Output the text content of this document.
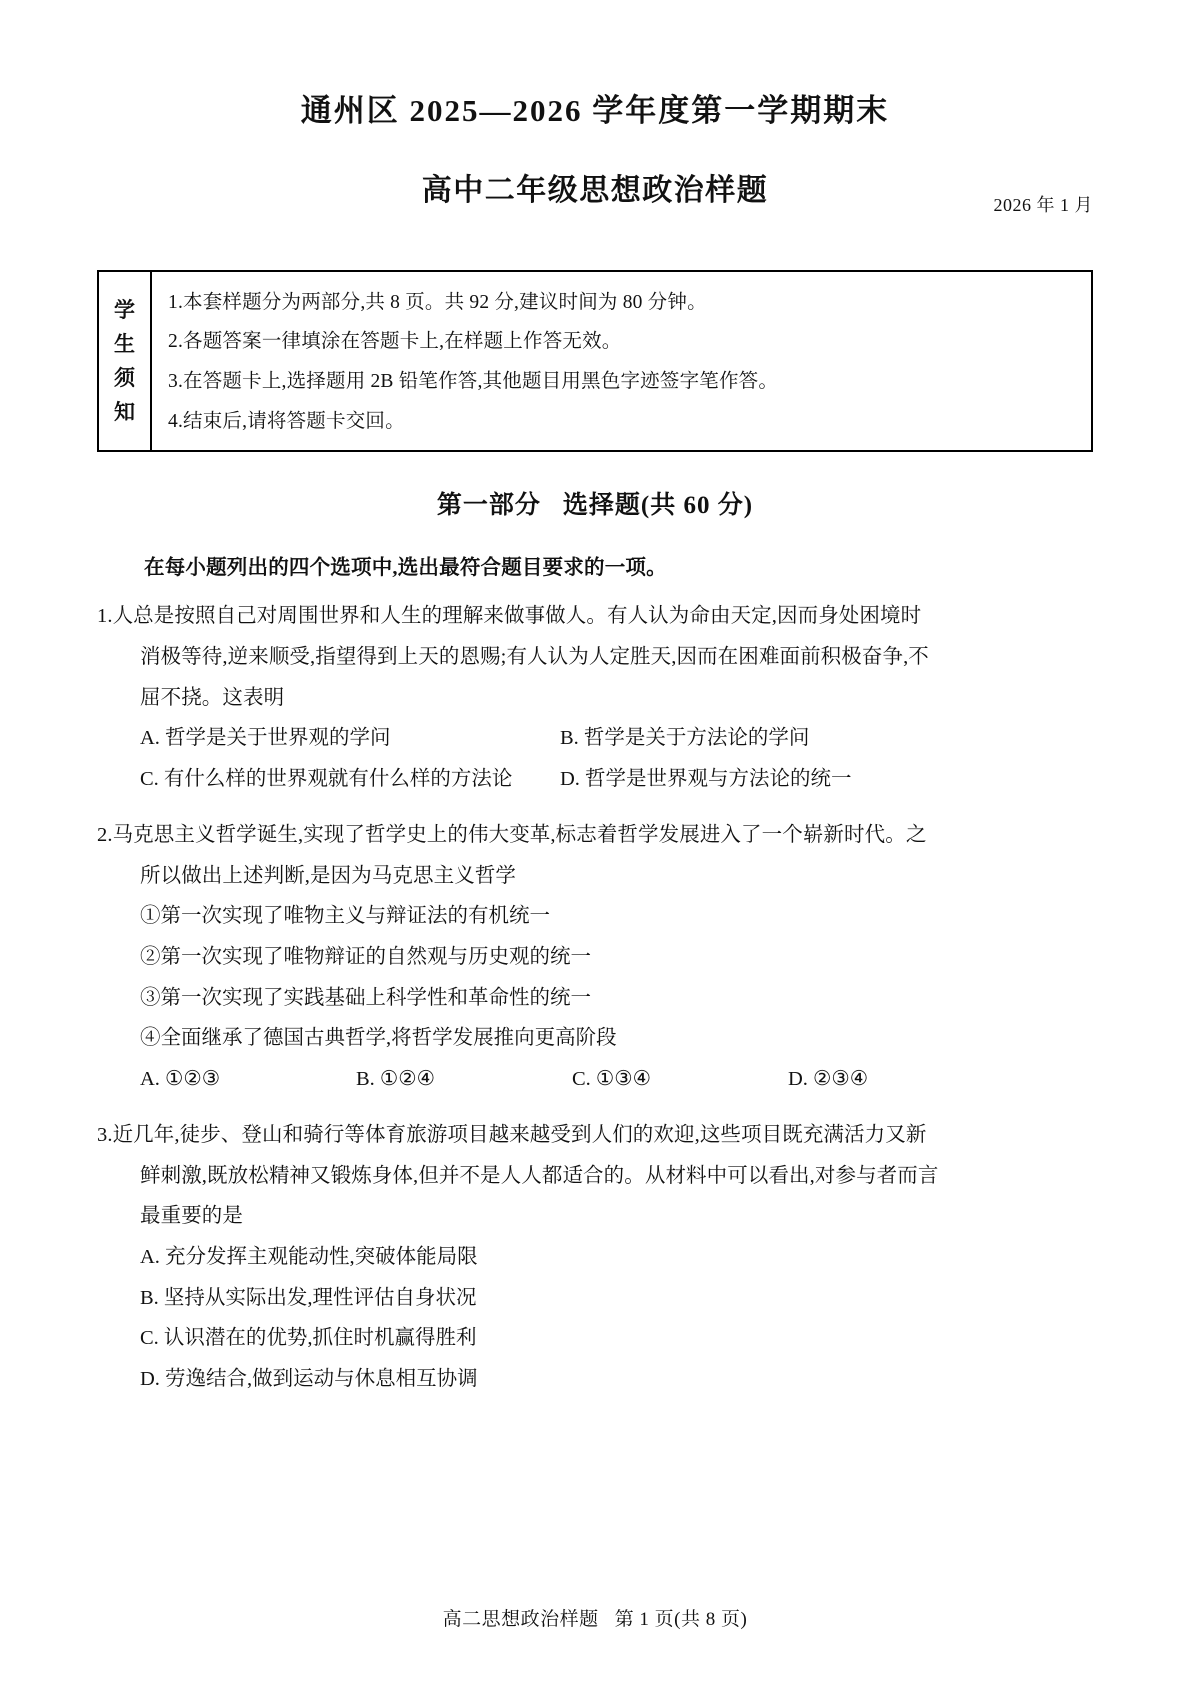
通州区 2025—2026 学年度第一学期期末
高中二年级思想政治样题	2026 年 1 月
学
生
须
知
1.本套样题分为两部分,共 8 页。共 92 分,建议时间为 80 分钟。
2.各题答案一律填涂在答题卡上,在样题上作答无效。
3.在答题卡上,选择题用 2B 铅笔作答,其他题目用黑色字迹签字笔作答。
4.结束后,请将答题卡交回。
第一部分 选择题(共 60 分)
在每小题列出的四个选项中,选出最符合题目要求的一项。
1.人总是按照自己对周围世界和人生的理解来做事做人。有人认为命由天定,因而身处困境时
消极等待,逆来顺受,指望得到上天的恩赐;有人认为人定胜天,因而在困难面前积极奋争,不
屈不挠。这表明
A. 哲学是关于世界观的学问	B. 哲学是关于方法论的学问
C. 有什么样的世界观就有什么样的方法论	D. 哲学是世界观与方法论的统一
2.马克思主义哲学诞生,实现了哲学史上的伟大变革,标志着哲学发展进入了一个崭新时代。之
所以做出上述判断,是因为马克思主义哲学
①第一次实现了唯物主义与辩证法的有机统一
②第一次实现了唯物辩证的自然观与历史观的统一
③第一次实现了实践基础上科学性和革命性的统一
④全面继承了德国古典哲学,将哲学发展推向更高阶段
A. ①②③	B. ①②④	C. ①③④	D. ②③④
3.近几年,徒步、登山和骑行等体育旅游项目越来越受到人们的欢迎,这些项目既充满活力又新
鲜刺激,既放松精神又锻炼身体,但并不是人人都适合的。从材料中可以看出,对参与者而言
最重要的是
A. 充分发挥主观能动性,突破体能局限
B. 坚持从实际出发,理性评估自身状况
C. 认识潜在的优势,抓住时机赢得胜利
D. 劳逸结合,做到运动与休息相互协调
高二思想政治样题 第 1 页(共 8 页)
